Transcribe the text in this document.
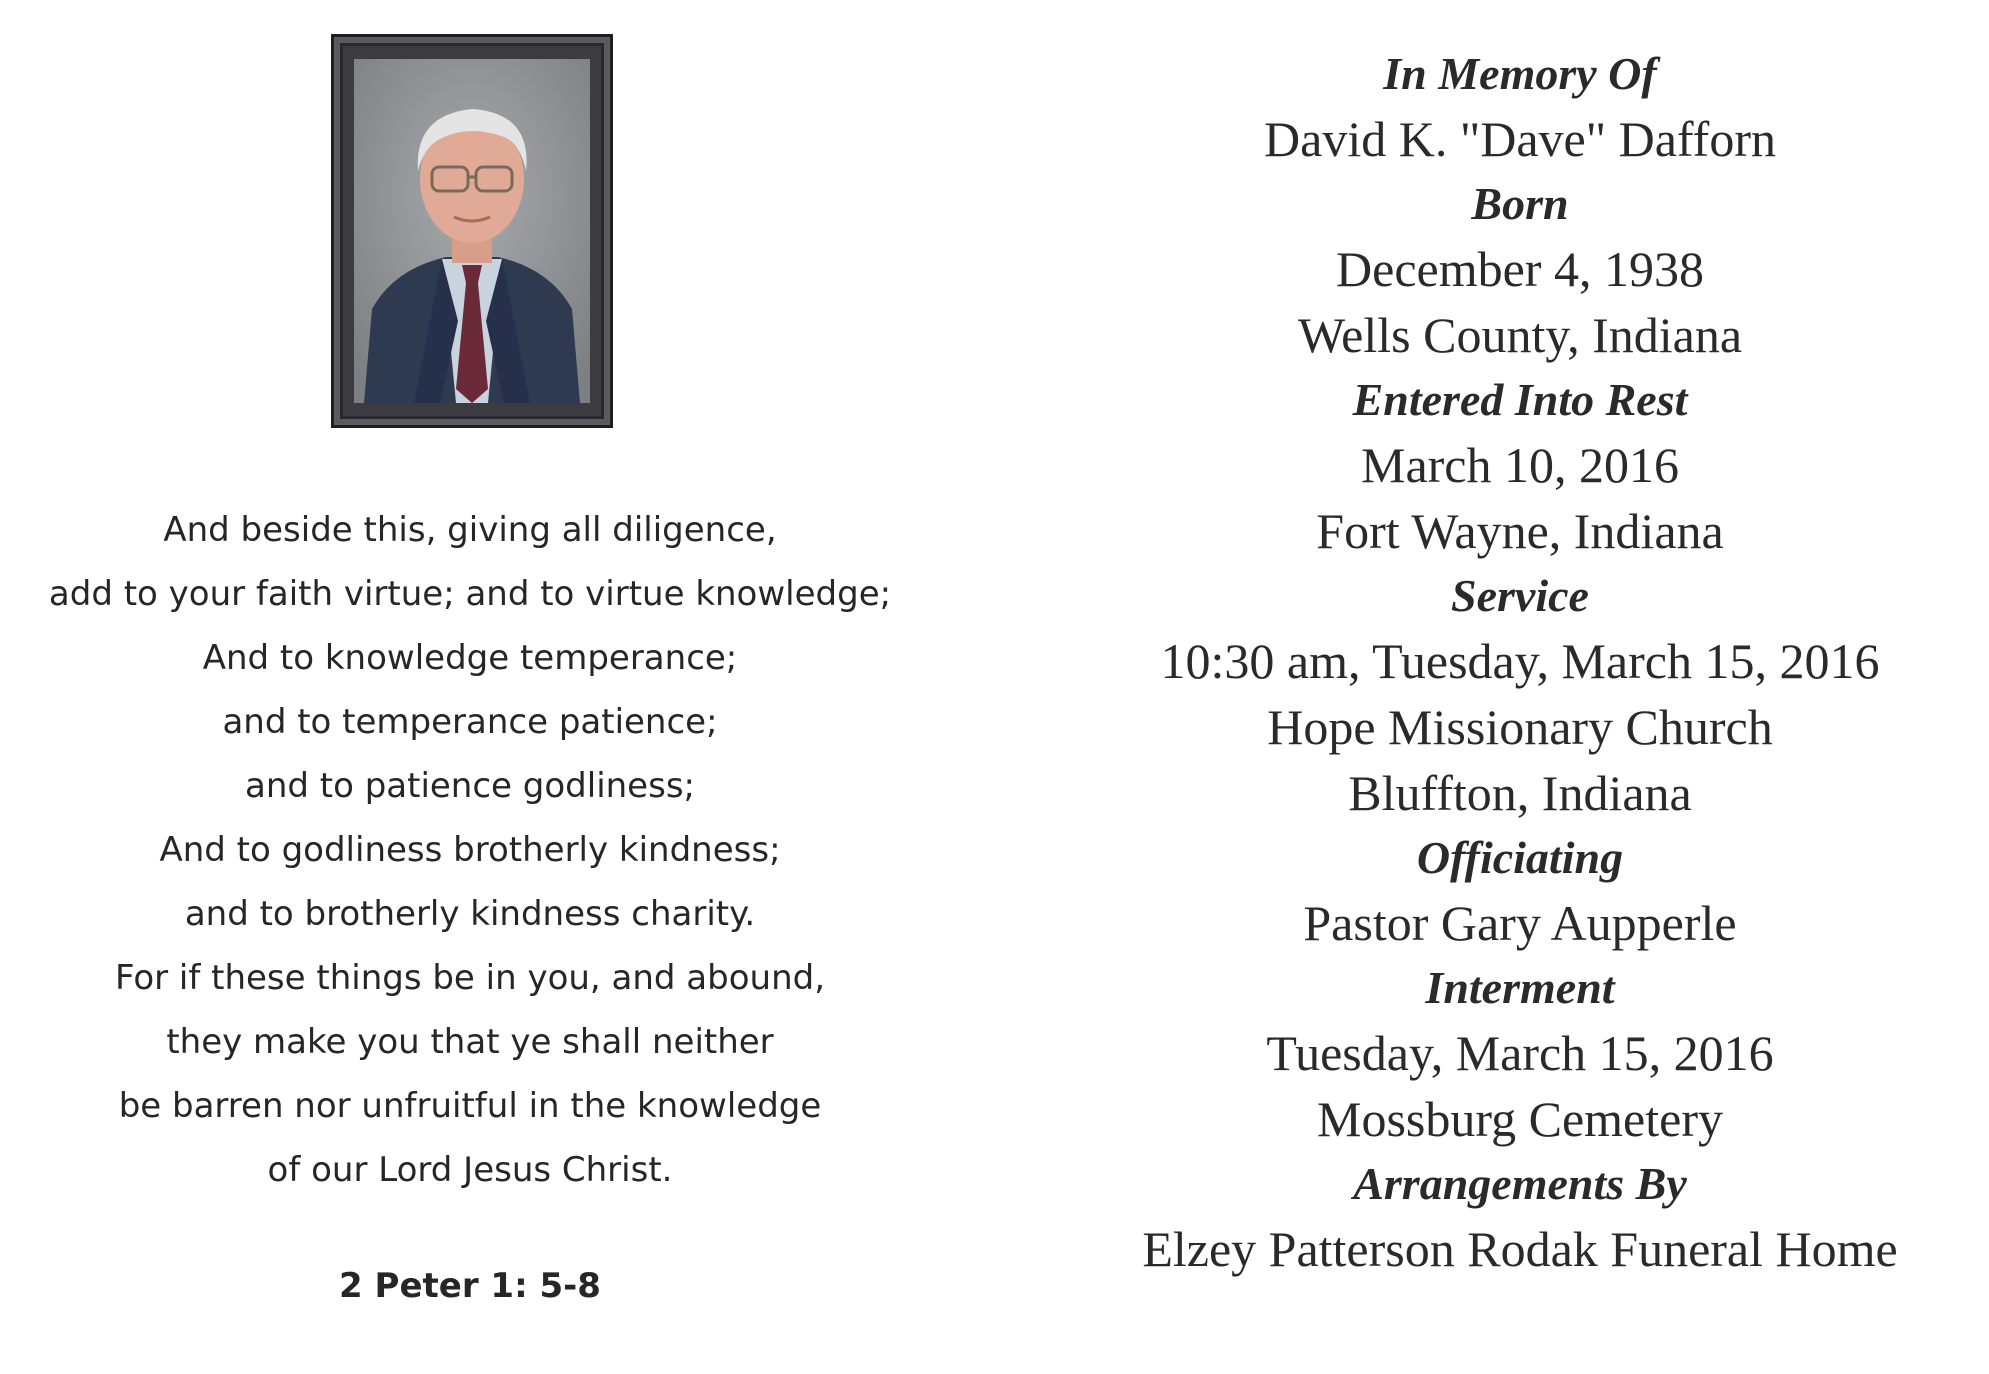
And beside this, giving all diligence,
add to your faith virtue; and to virtue knowledge;
And to knowledge temperance;
and to temperance patience;
and to patience godliness;
And to godliness brotherly kindness;
and to brotherly kindness charity.
For if these things be in you, and abound,
they make you that ye shall neither
be barren nor unfruitful in the knowledge
of our Lord Jesus Christ.
2 Peter 1: 5-8
In Memory Of
David K. "Dave" Dafforn
Born
December 4, 1938
Wells County, Indiana
Entered Into Rest
March 10, 2016
Fort Wayne, Indiana
Service
10:30 am, Tuesday, March 15, 2016
Hope Missionary Church
Bluffton, Indiana
Officiating
Pastor Gary Aupperle
Interment
Tuesday, March 15, 2016
Mossburg Cemetery
Arrangements By
Elzey Patterson Rodak Funeral Home
